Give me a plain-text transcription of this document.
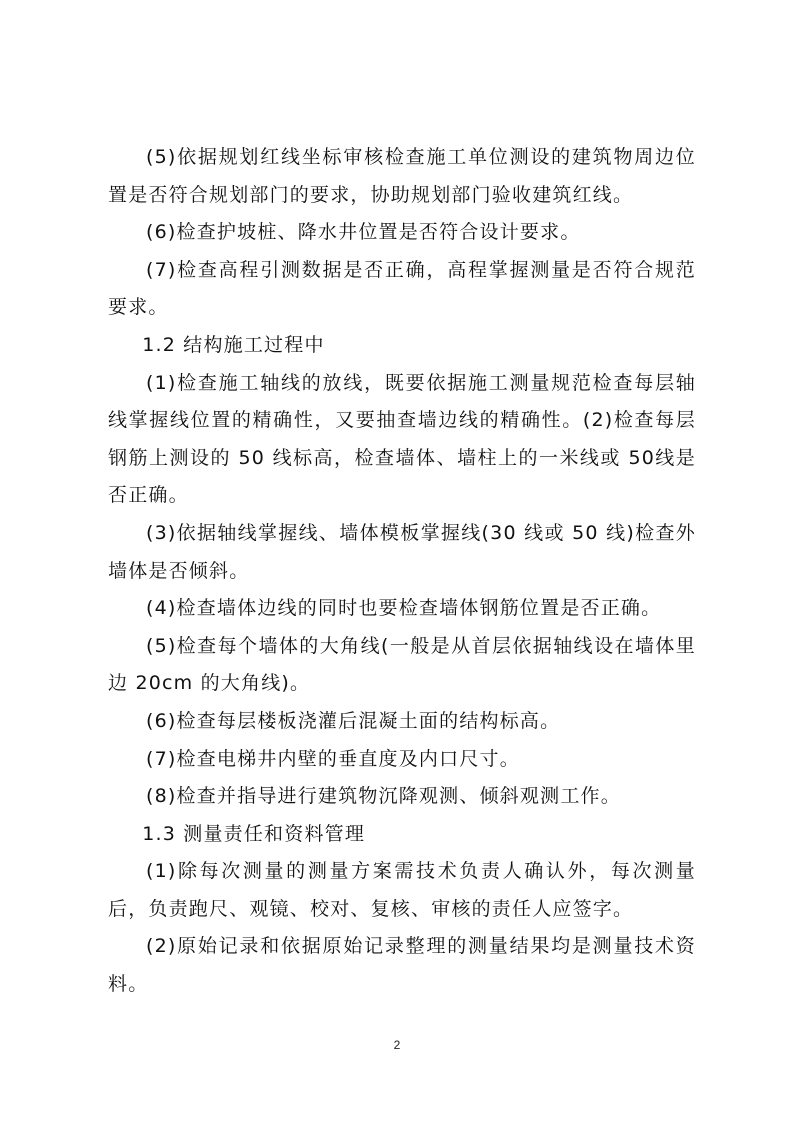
(5)依据规划红线坐标审核检查施工单位测设的建筑物周边位置是否符合规划部门的要求，协助规划部门验收建筑红线。

(6)检查护坡桩、降水井位置是否符合设计要求。

(7)检查高程引测数据是否正确，高程掌握测量是否符合规范要求。

1.2 结构施工过程中

(1)检查施工轴线的放线，既要依据施工测量规范检查每层轴线掌握线位置的精确性，又要抽查墙边线的精确性。(2)检查每层钢筋上测设的 50 线标高，检查墙体、墙柱上的一米线或 50线是否正确。

(3)依据轴线掌握线、墙体模板掌握线(30 线或 50 线)检查外墙体是否倾斜。

(4)检查墙体边线的同时也要检查墙体钢筋位置是否正确。

(5)检查每个墙体的大角线(一般是从首层依据轴线设在墙体里边 20cm 的大角线)。

(6)检查每层楼板浇灌后混凝土面的结构标高。

(7)检查电梯井内壁的垂直度及内口尺寸。

(8)检查并指导进行建筑物沉降观测、倾斜观测工作。

1.3 测量责任和资料管理

(1)除每次测量的测量方案需技术负责人确认外，每次测量后，负责跑尺、观镜、校对、复核、审核的责任人应签字。

(2)原始记录和依据原始记录整理的测量结果均是测量技术资料。

2
